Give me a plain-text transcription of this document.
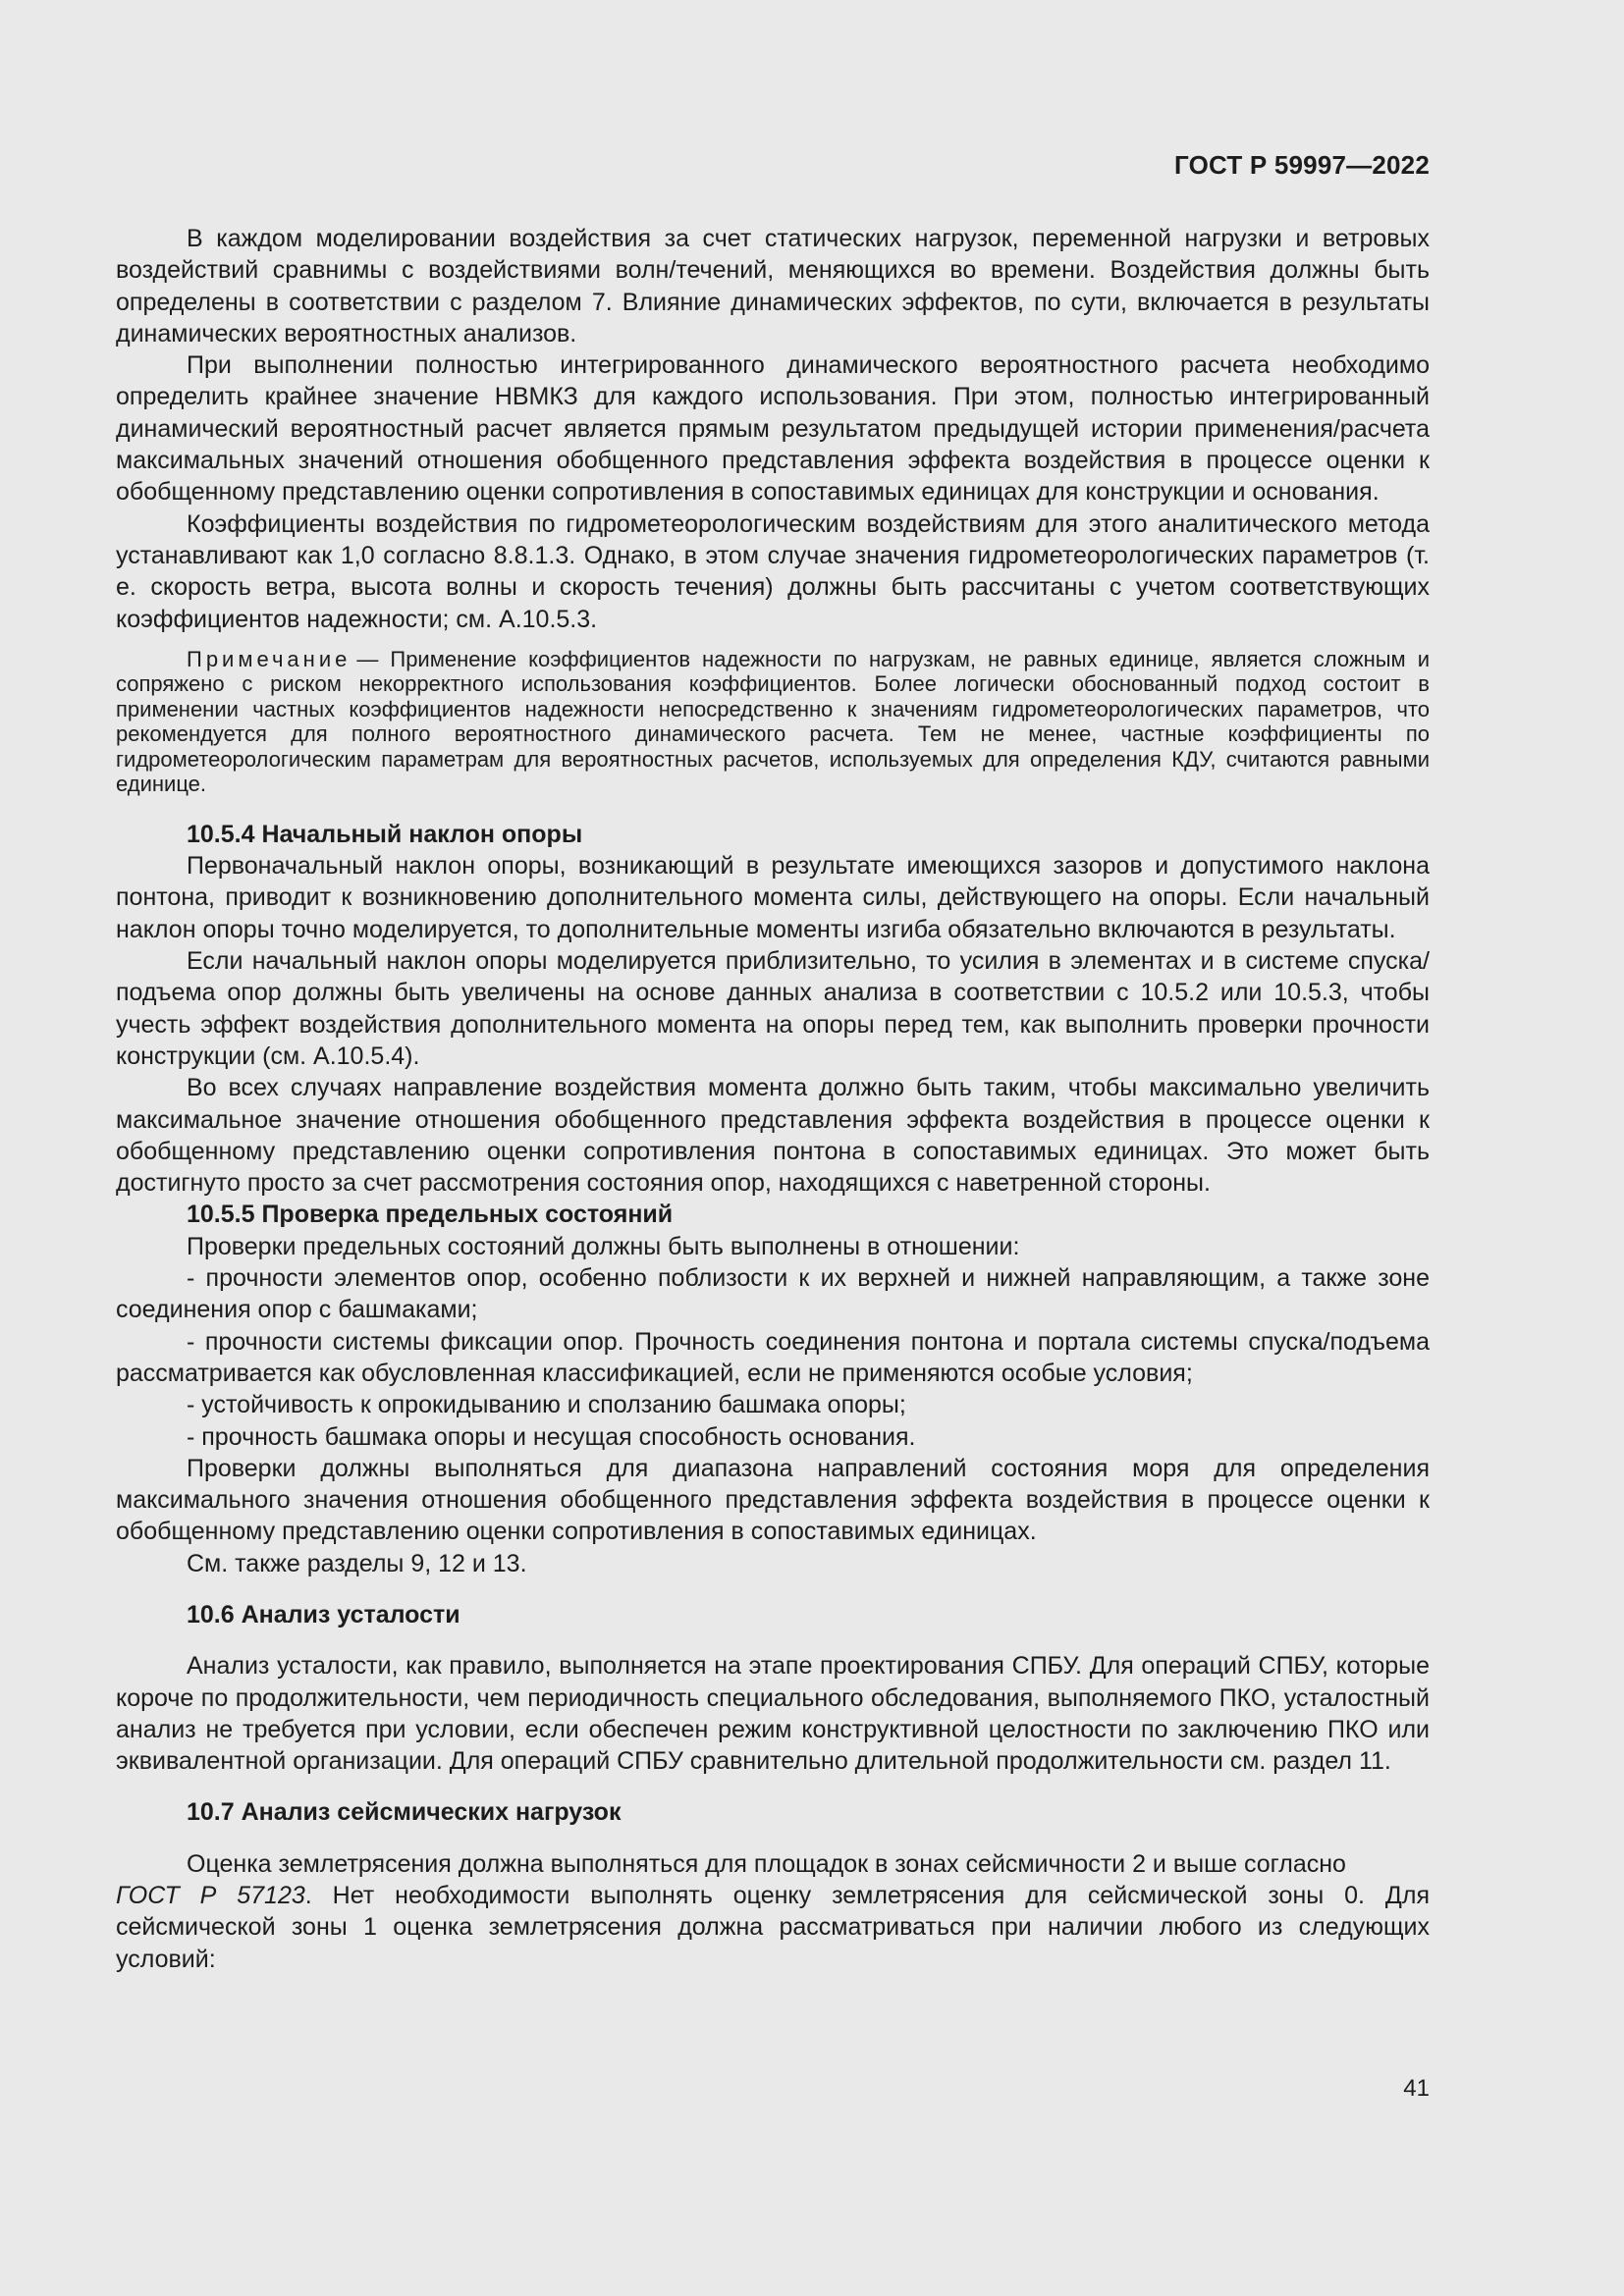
ГОСТ Р 59997—2022

В каждом моделировании воздействия за счет статических нагрузок, переменной нагрузки и ветровых воздействий сравнимы с воздействиями волн/течений, меняющихся во времени. Воздействия должны быть определены в соответствии с разделом 7. Влияние динамических эффектов, по сути, включается в результаты динамических вероятностных анализов.

При выполнении полностью интегрированного динамического вероятностного расчета необходимо определить крайнее значение НВМКЗ для каждого использования. При этом, полностью интегрированный динамический вероятностный расчет является прямым результатом предыдущей истории применения/расчета максимальных значений отношения обобщенного представления эффекта воздействия в процессе оценки к обобщенному представлению оценки сопротивления в сопоставимых единицах для конструкции и основания.

Коэффициенты воздействия по гидрометеорологическим воздействиям для этого аналитического метода устанавливают как 1,0 согласно 8.8.1.3. Однако, в этом случае значения гидрометеорологических параметров (т. е. скорость ветра, высота волны и скорость течения) должны быть рассчитаны с учетом соответствующих коэффициентов надежности; см. А.10.5.3.

Примечание — Применение коэффициентов надежности по нагрузкам, не равных единице, является сложным и сопряжено с риском некорректного использования коэффициентов. Более логически обоснованный подход состоит в применении частных коэффициентов надежности непосредственно к значениям гидрометеорологических параметров, что рекомендуется для полного вероятностного динамического расчета. Тем не менее, частные коэффициенты по гидрометеорологическим параметрам для вероятностных расчетов, используемых для определения КДУ, считаются равными единице.

10.5.4 Начальный наклон опоры

Первоначальный наклон опоры, возникающий в результате имеющихся зазоров и допустимого наклона понтона, приводит к возникновению дополнительного момента силы, действующего на опоры. Если начальный наклон опоры точно моделируется, то дополнительные моменты изгиба обязательно включаются в результаты.

Если начальный наклон опоры моделируется приблизительно, то усилия в элементах и в системе спуска/подъема опор должны быть увеличены на основе данных анализа в соответствии с 10.5.2 или 10.5.3, чтобы учесть эффект воздействия дополнительного момента на опоры перед тем, как выполнить проверки прочности конструкции (см. А.10.5.4).

Во всех случаях направление воздействия момента должно быть таким, чтобы максимально увеличить максимальное значение отношения обобщенного представления эффекта воздействия в процессе оценки к обобщенному представлению оценки сопротивления понтона в сопоставимых единицах. Это может быть достигнуто просто за счет рассмотрения состояния опор, находящихся с наветренной стороны.

10.5.5 Проверка предельных состояний

Проверки предельных состояний должны быть выполнены в отношении:

- прочности элементов опор, особенно поблизости к их верхней и нижней направляющим, а также зоне соединения опор с башмаками;

- прочности системы фиксации опор. Прочность соединения понтона и портала системы спуска/подъема рассматривается как обусловленная классификацией, если не применяются особые условия;

- устойчивость к опрокидыванию и сползанию башмака опоры;

- прочность башмака опоры и несущая способность основания.

Проверки должны выполняться для диапазона направлений состояния моря для определения максимального значения отношения обобщенного представления эффекта воздействия в процессе оценки к обобщенному представлению оценки сопротивления в сопоставимых единицах.

См. также разделы 9, 12 и 13.

10.6 Анализ усталости

Анализ усталости, как правило, выполняется на этапе проектирования СПБУ. Для операций СПБУ, которые короче по продолжительности, чем периодичность специального обследования, выполняемого ПКО, усталостный анализ не требуется при условии, если обеспечен режим конструктивной целостности по заключению ПКО или эквивалентной организации. Для операций СПБУ сравнительно длительной продолжительности см. раздел 11.

10.7 Анализ сейсмических нагрузок

Оценка землетрясения должна выполняться для площадок в зонах сейсмичности 2 и выше согласно
ГОСТ Р 57123. Нет необходимости выполнять оценку землетрясения для сейсмической зоны 0. Для сейсмической зоны 1 оценка землетрясения должна рассматриваться при наличии любого из следующих условий:

41
